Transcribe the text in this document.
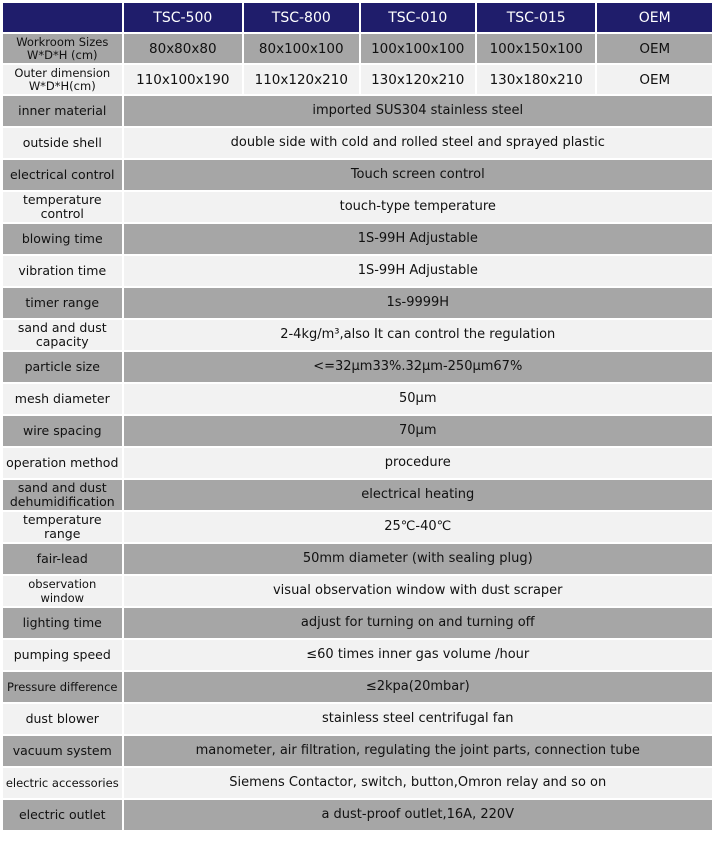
	TSC-500	TSC-800	TSC-010	TSC-015	OEM
Workroom Sizes
W*D*H (cm)	80x80x80	80x100x100	100x100x100	100x150x100	OEM
Outer dimension
W*D*H(cm)	110x100x190	110x120x210	130x120x210	130x180x210	OEM
inner material	imported SUS304 stainless steel				
outside shell	double side with cold and rolled steel and sprayed plastic				
electrical control	Touch screen control				
temperature control	touch-type temperature				
blowing time	1S-99H Adjustable				
vibration time	1S-99H Adjustable				
timer range	1s-9999H				
sand and dust capacity	2-4kg/m³,also It can control the regulation				
particle size	<=32μm33%.32μm-250μm67%				
mesh diameter	50μm				
wire spacing	70μm				
operation method	procedure				
sand and dust dehumidification	electrical heating				
temperature range	25℃-40℃				
fair-lead	50mm diameter (with sealing plug)				
observation window	visual observation window with dust scraper				
lighting time	adjust for turning on and turning off				
pumping speed	≤60 times inner gas volume /hour				
Pressure difference	≤2kpa(20mbar)				
dust blower	stainless steel centrifugal fan				
vacuum system	manometer, air filtration, regulating the joint parts, connection tube				
electric accessories	Siemens Contactor, switch, button,Omron relay and so on				
electric outlet	a dust-proof outlet,16A, 220V				
